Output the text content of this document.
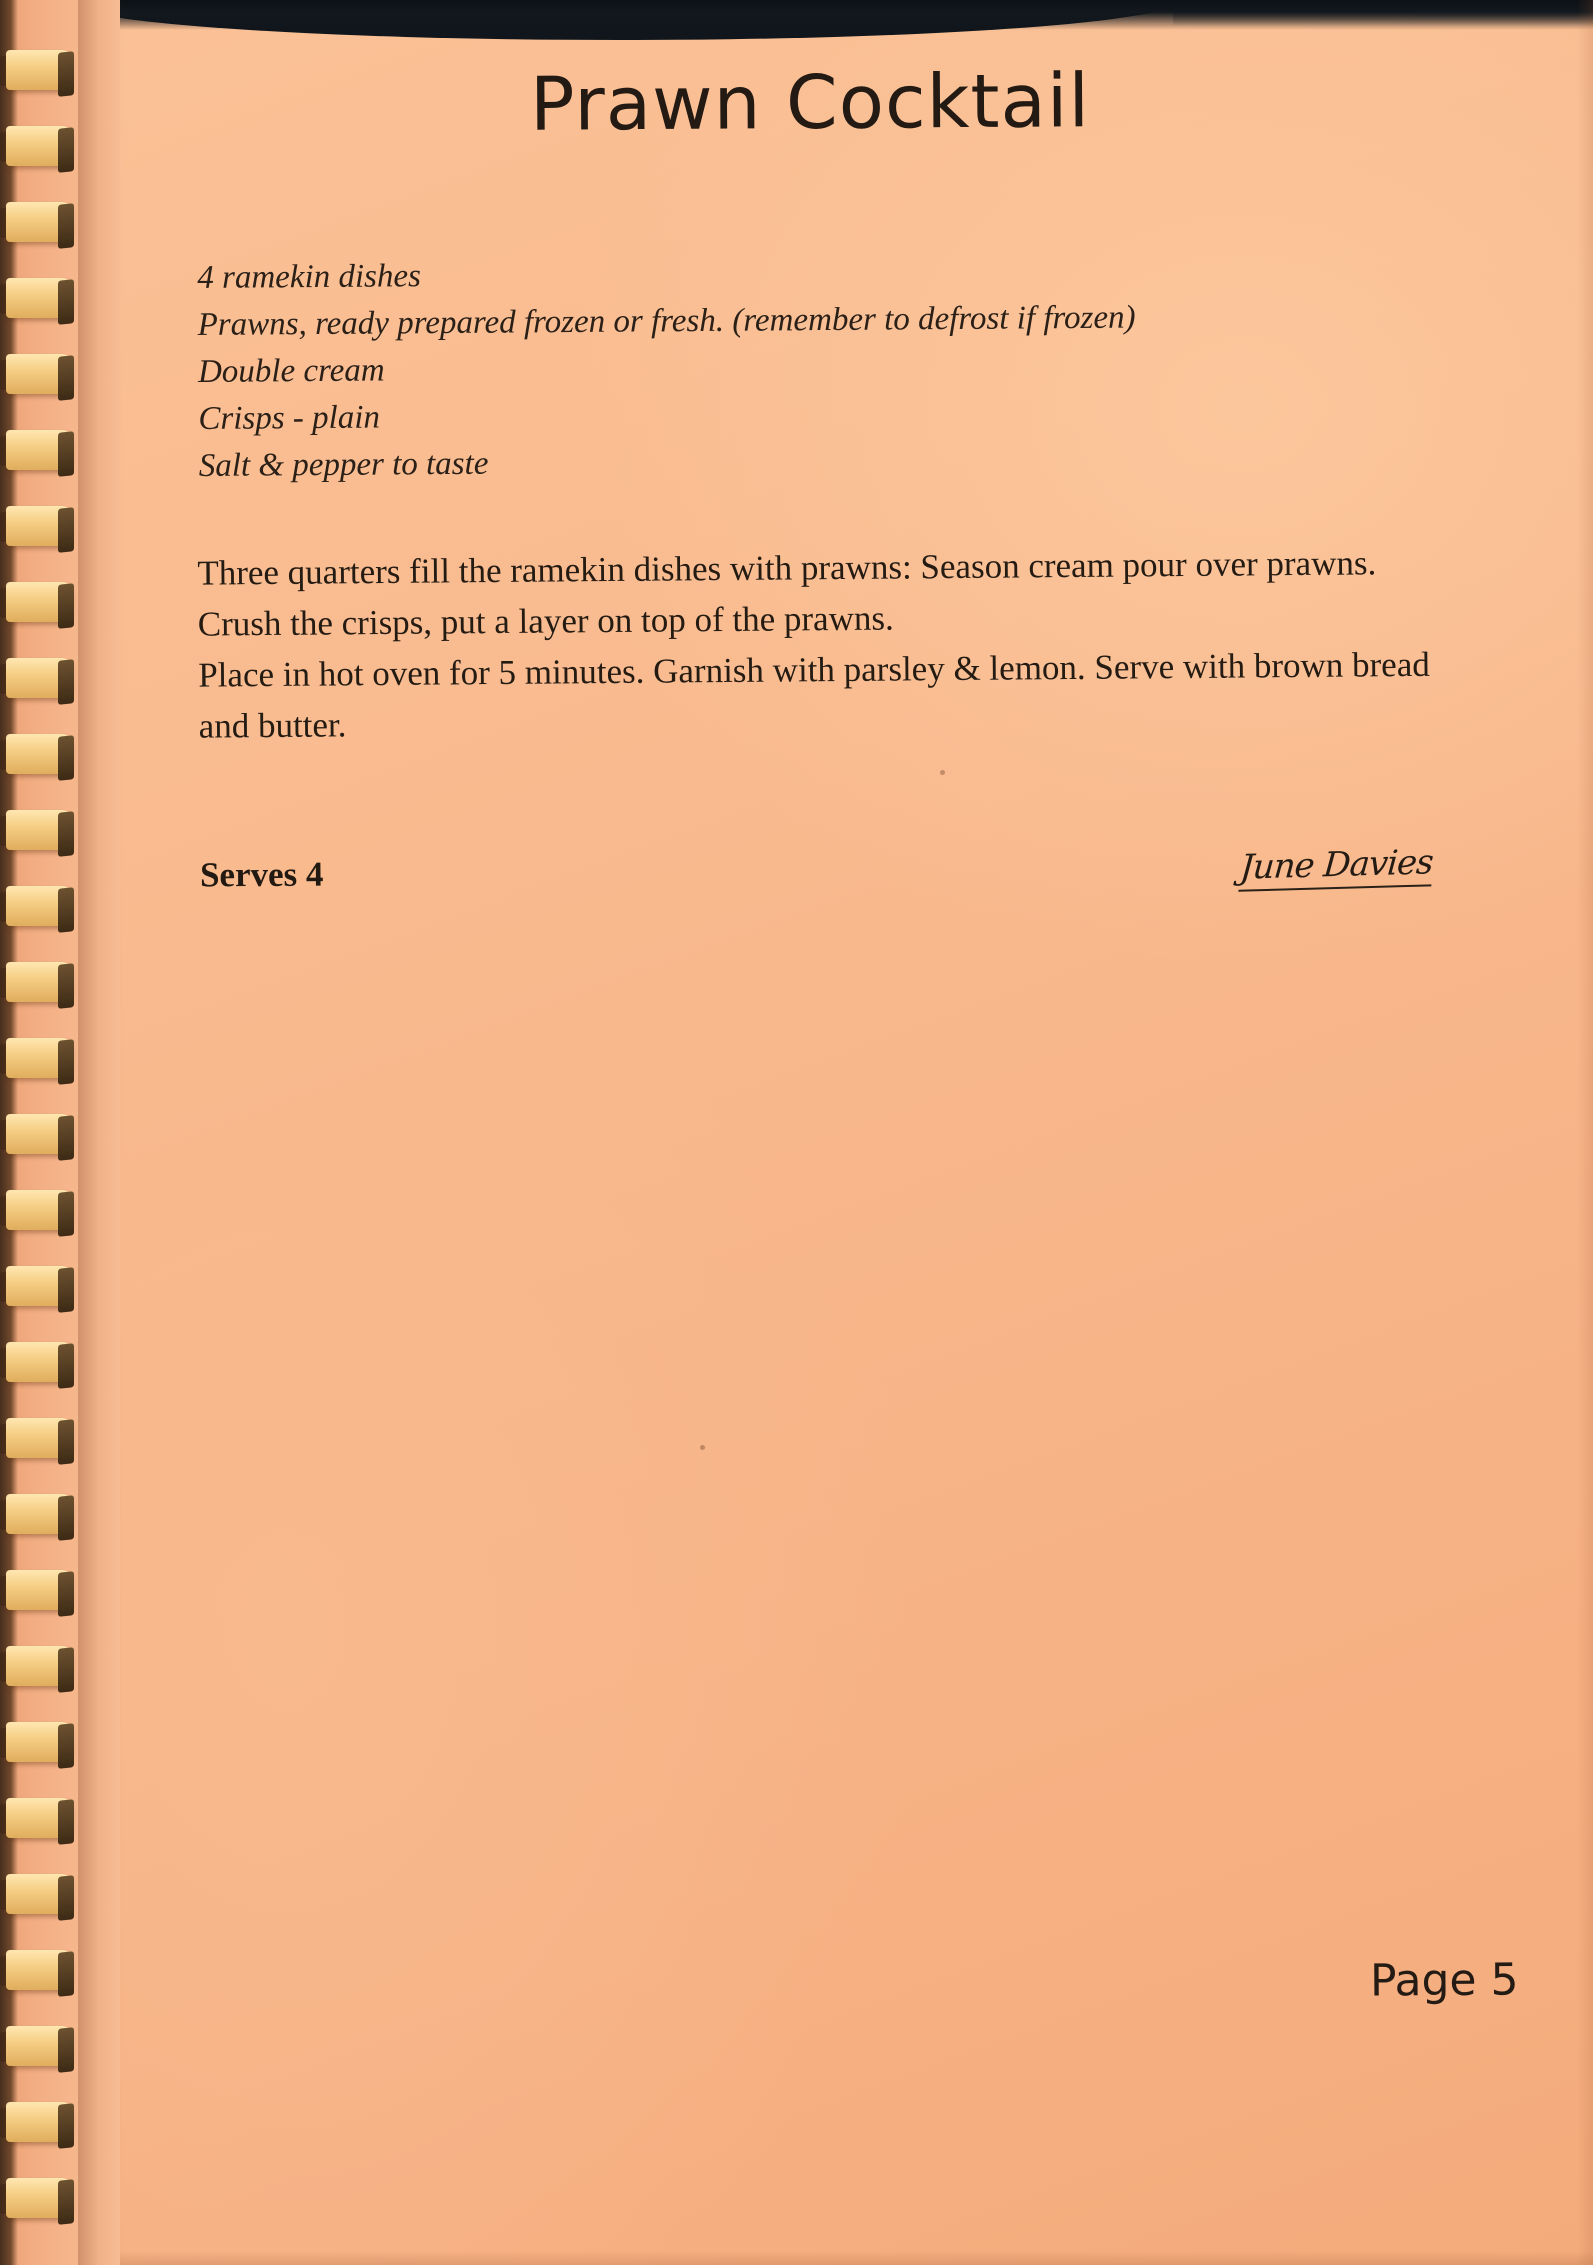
Prawn Cocktail
4 ramekin dishes
Prawns, ready prepared frozen or fresh. (remember to defrost if frozen)
Double cream
Crisps - plain
Salt & pepper to taste

Three quarters fill the ramekin dishes with prawns: Season cream pour over prawns.

Crush the crisps, put a layer on top of the prawns.

Place in hot oven for 5 minutes. Garnish with parsley & lemon. Serve with brown bread and butter.

Serves 4	June Davies
Page 5
